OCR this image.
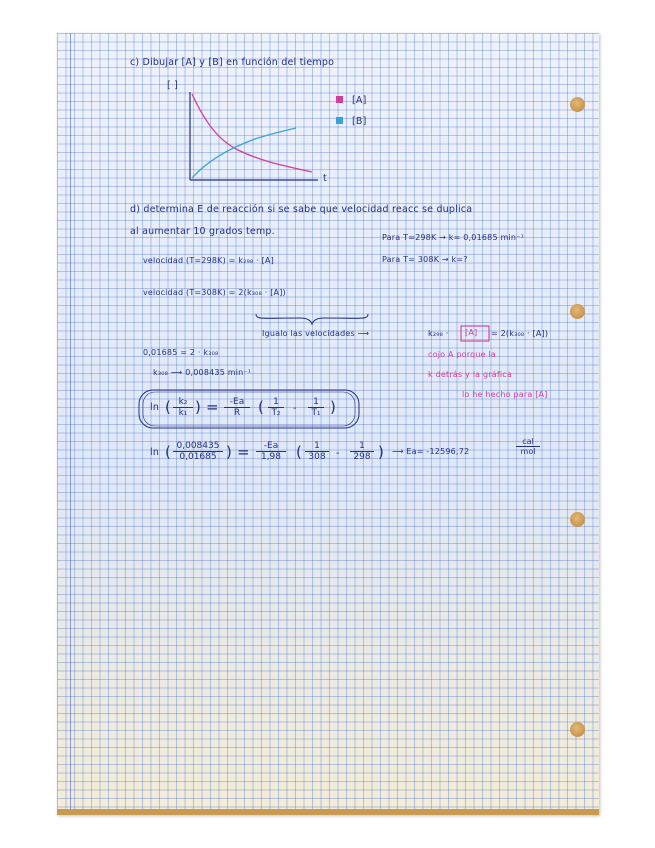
c) Dibujar [A] y [B] en función del tiempo
[ ]
t
[A]
[B]
d) determina E de reacción si se sabe que velocidad reacc se duplica
al aumentar 10 grados temp.
Para T=298K → k= 0,01685 min⁻¹
Para T= 308K → k=?
velocidad (T=298K) = k₂₉₈ · [A]
velocidad (T=308K) = 2(k₃₀₈ · [A])
Igualo las velocidades ⟶	k₂₉₈ · [A] = 2(k₃₀₈ · [A])
0,01685 = 2 · k₃₀₈
k₃₀₈ ⟶ 0,008435 min⁻¹
cojo A porque la
k detrás y la gráfica
lo he hecho para [A]
ln ( $\frac{\text{k₂}}{\text{k₁}}$ ) = $\frac{-Ea}{R}$ ( $\frac{1}{\text{T₂}} - \frac{1}{\text{T₁}}$ )
ln ( $\frac{0,008435}{0,01685}$ ) = $\frac{-Ea}{1,98}$ ( $\frac{1}{308} - \frac{1}{298}$ ) ⟶ Ea= -12596,72
cal
mol
